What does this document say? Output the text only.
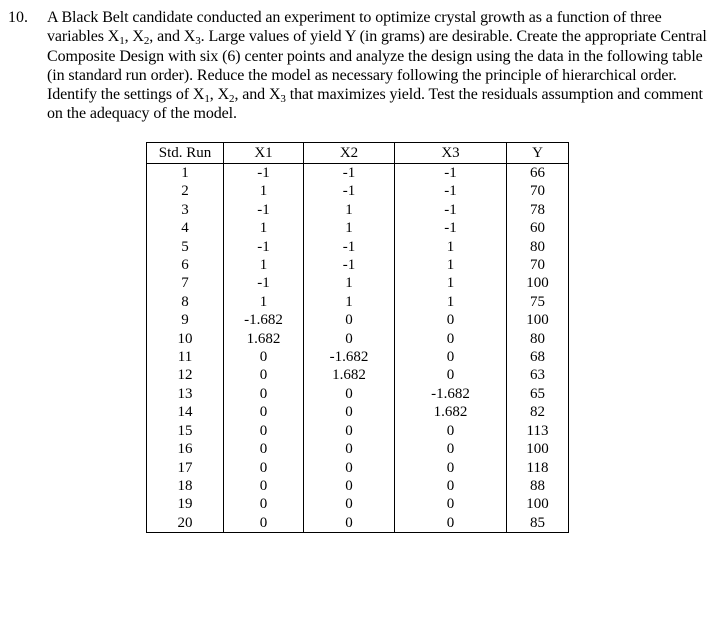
10. A Black Belt candidate conducted an experiment to optimize crystal growth as a function of three variables $X_1$, $X_2$, and $X_3$. Large values of yield Y (in grams) are desirable. Create the appropriate Central Composite Design with six (6) center points and analyze the design using the data in the following table (in standard run order). Reduce the model as necessary following the principle of hierarchical order. Identify the settings of $X_1$, $X_2$, and $X_3$ that maximizes yield. Test the residuals assumption and comment on the adequacy of the model.
Std. Run	X1	X2	X3	Y
1	-1	-1	-1	66
2	1	-1	-1	70
3	-1	1	-1	78
4	1	1	-1	60
5	-1	-1	1	80
6	1	-1	1	70
7	-1	1	1	100
8	1	1	1	75
9	-1.682	0	0	100
10	1.682	0	0	80
11	0	-1.682	0	68
12	0	1.682	0	63
13	0	0	-1.682	65
14	0	0	1.682	82
15	0	0	0	113
16	0	0	0	100
17	0	0	0	118
18	0	0	0	88
19	0	0	0	100
20	0	0	0	85
